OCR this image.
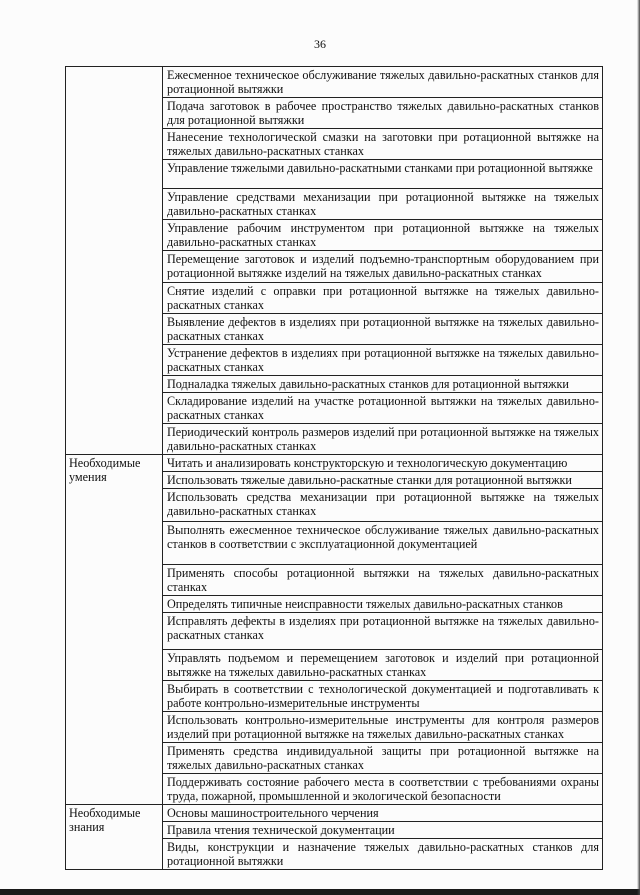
36
	Ежесменное техническое обслуживание тяжелых давильно-раскатных станков для ротационной вытяжки
	Подача заготовок в рабочее пространство тяжелых давильно-раскатных станков для ротационной вытяжки
	Нанесение технологической смазки на заготовки при ротационной вытяжке на тяжелых давильно-раскатных станках
	Управление тяжелыми давильно-раскатными станками при ротационной вытяжке
	Управление средствами механизации при ротационной вытяжке на тяжелых давильно-раскатных станках
	Управление рабочим инструментом при ротационной вытяжке на тяжелых давильно-раскатных станках
	Перемещение заготовок и изделий подъемно-транспортным оборудованием при ротационной вытяжке изделий на тяжелых давильно-раскатных станках
	Снятие изделий с оправки при ротационной вытяжке на тяжелых давильно-раскатных станках
	Выявление дефектов в изделиях при ротационной вытяжке на тяжелых давильно-раскатных станках
	Устранение дефектов в изделиях при ротационной вытяжке на тяжелых давильно-раскатных станках
	Подналадка тяжелых давильно-раскатных станков для ротационной вытяжки
	Складирование изделий на участке ротационной вытяжки на тяжелых давильно-раскатных станках
	Периодический контроль размеров изделий при ротационной вытяжке на тяжелых давильно-раскатных станках
Необходимые умения	Читать и анализировать конструкторскую и технологическую документацию
	Использовать тяжелые давильно-раскатные станки для ротационной вытяжки
	Использовать средства механизации при ротационной вытяжке на тяжелых давильно-раскатных станках
	Выполнять ежесменное техническое обслуживание тяжелых давильно-раскатных станков в соответствии с эксплуатационной документацией
	Применять способы ротационной вытяжки на тяжелых давильно-раскатных станках
	Определять типичные неисправности тяжелых давильно-раскатных станков
	Исправлять дефекты в изделиях при ротационной вытяжке на тяжелых давильно-раскатных станках
	Управлять подъемом и перемещением заготовок и изделий при ротационной вытяжке на тяжелых давильно-раскатных станках
	Выбирать в соответствии с технологической документацией и подготавливать к работе контрольно-измерительные инструменты
	Использовать контрольно-измерительные инструменты для контроля размеров изделий при ротационной вытяжке на тяжелых давильно-раскатных станках
	Применять средства индивидуальной защиты при ротационной вытяжке на тяжелых давильно-раскатных станках
	Поддерживать состояние рабочего места в соответствии с требованиями охраны труда, пожарной, промышленной и экологической безопасности
Необходимые знания	Основы машиностроительного черчения
	Правила чтения технической документации
	Виды, конструкции и назначение тяжелых давильно-раскатных станков для ротационной вытяжки
